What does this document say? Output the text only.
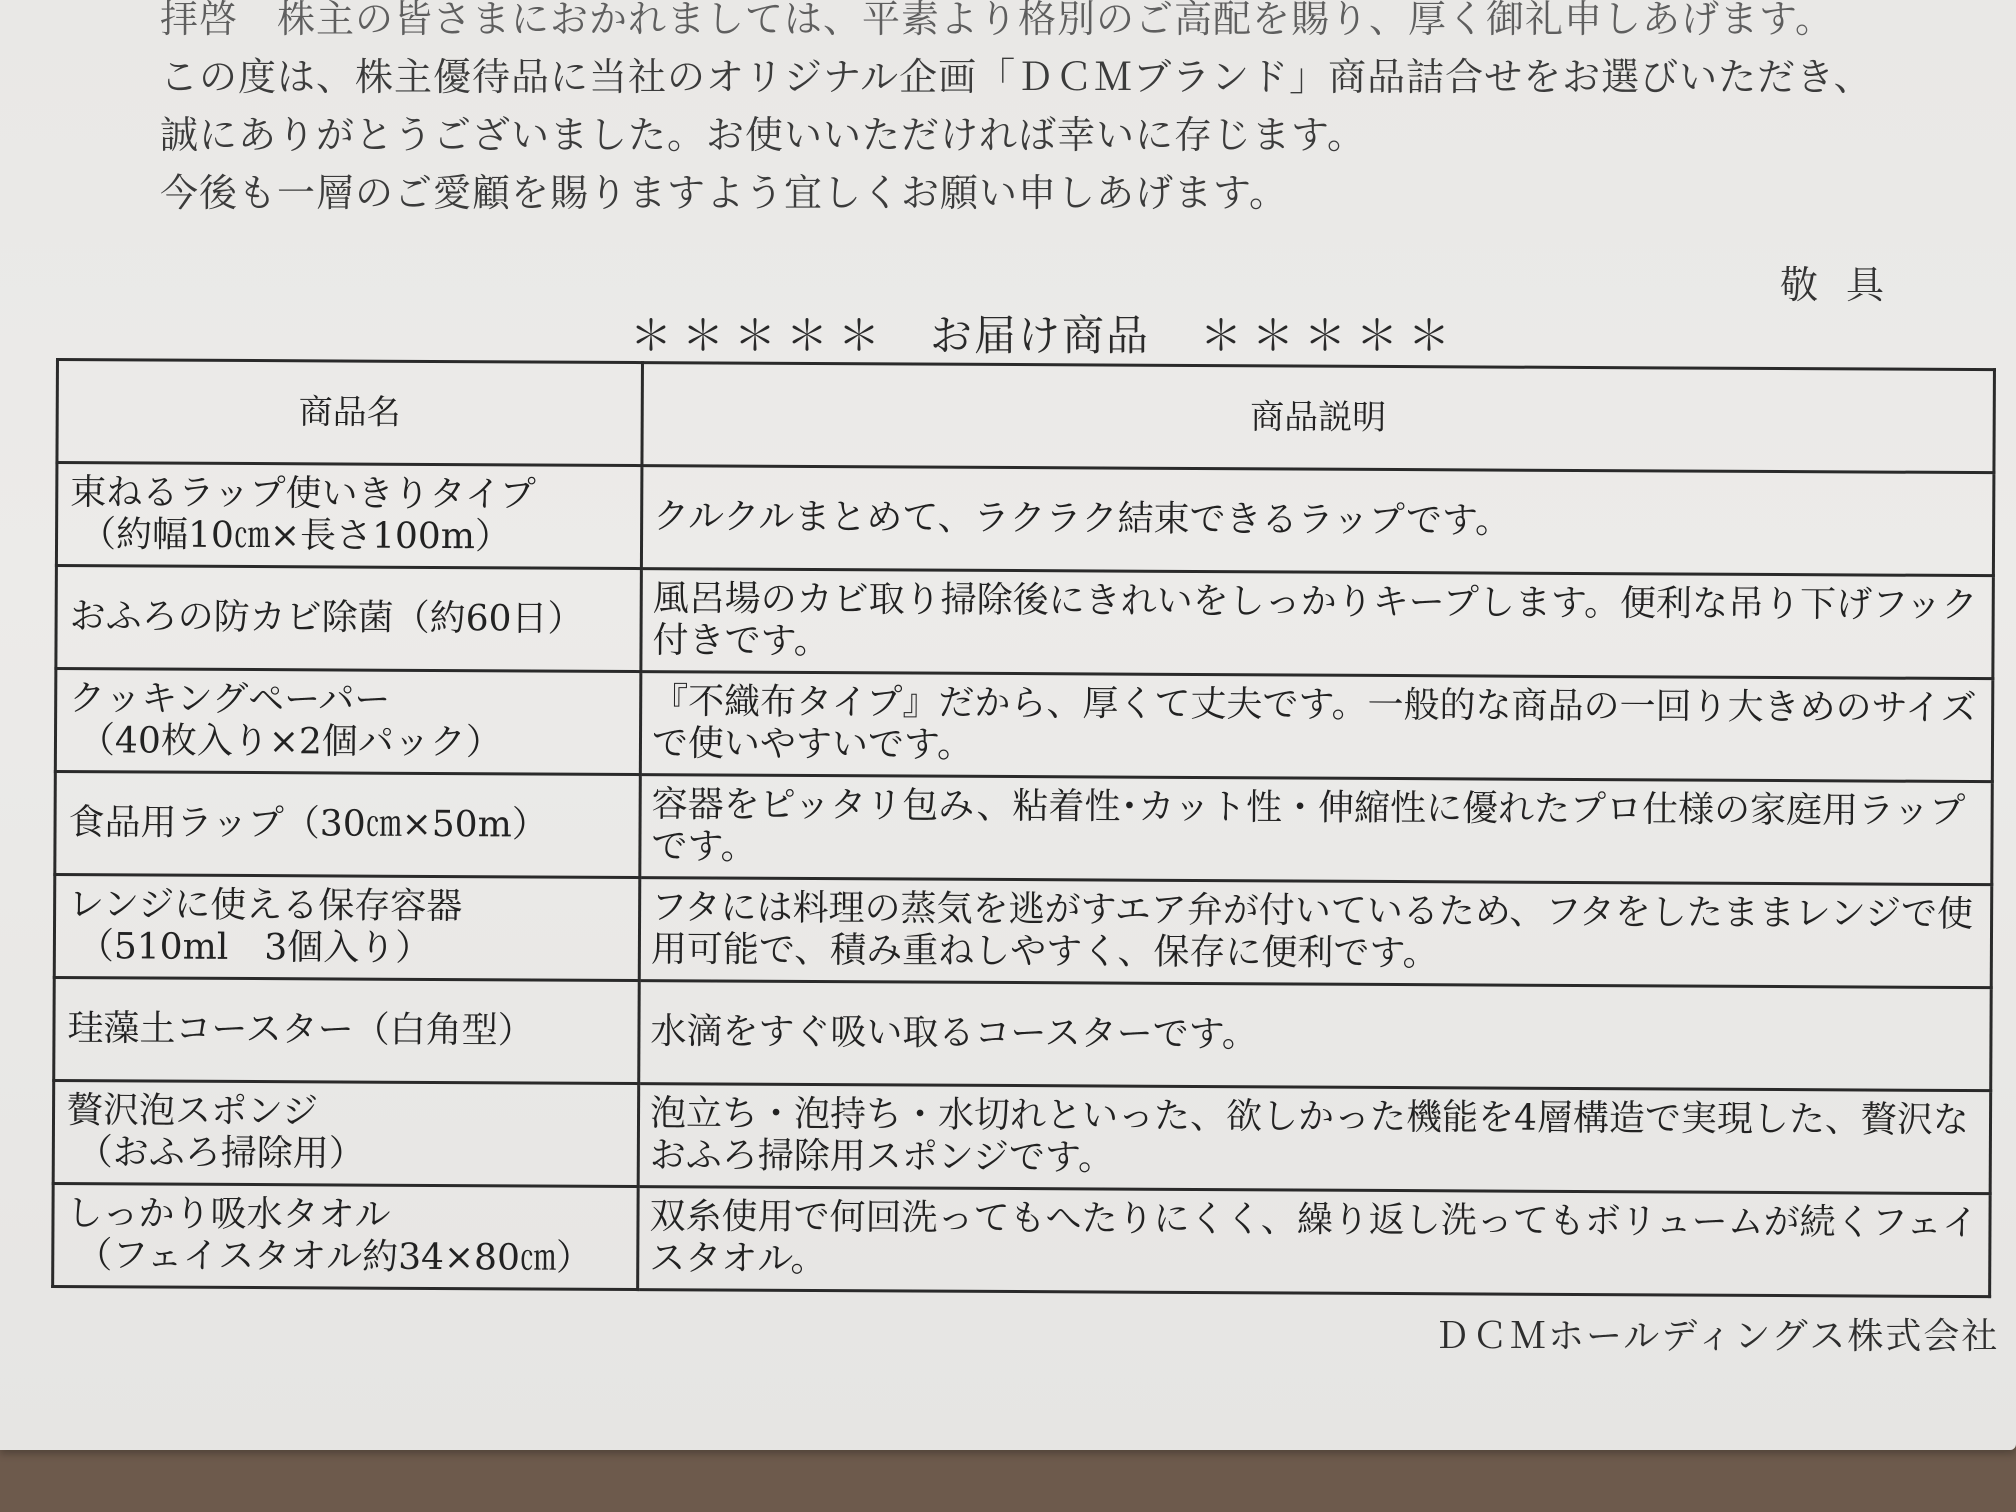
拝啓　株主の皆さまにおかれましては、平素より格別のご高配を賜り、厚く御礼申しあげます。

この度は、株主優待品に当社のオリジナル企画「ＤＣＭブランド」商品詰合せをお選びいただき、

誠にありがとうございました。お使いいただければ幸いに存じます。

今後も一層のご愛顧を賜りますよう宜しくお願い申しあげます。

敬具
＊＊＊＊＊ お届け商品 ＊＊＊＊＊
商品名	商品説明
束ねるラップ使いきりタイプ
（約幅10㎝×長さ100m）	クルクルまとめて、ラクラク結束できるラップです。
おふろの防カビ除菌（約60日）	風呂場のカビ取り掃除後にきれいをしっかりキープします。便利な吊り下げフック付きです。
クッキングペーパー
（40枚入り×2個パック）	『不織布タイプ』だから、厚くて丈夫です。一般的な商品の一回り大きめのサイズで使いやすいです。
食品用ラップ（30㎝×50m）	容器をピッタリ包み、粘着性･カット性・伸縮性に優れたプロ仕様の家庭用ラップです。
レンジに使える保存容器
（510ml　3個入り）	フタには料理の蒸気を逃がすエア弁が付いているため、フタをしたままレンジで使用可能で、積み重ねしやすく、保存に便利です。
珪藻土コースター（白角型）	水滴をすぐ吸い取るコースターです。
贅沢泡スポンジ
（おふろ掃除用）	泡立ち・泡持ち・水切れといった、欲しかった機能を4層構造で実現した、贅沢なおふろ掃除用スポンジです。
しっかり吸水タオル
（フェイスタオル約34×80㎝）	双糸使用で何回洗ってもへたりにくく、繰り返し洗ってもボリュームが続くフェイスタオル。
ＤＣＭホールディングス株式会社
